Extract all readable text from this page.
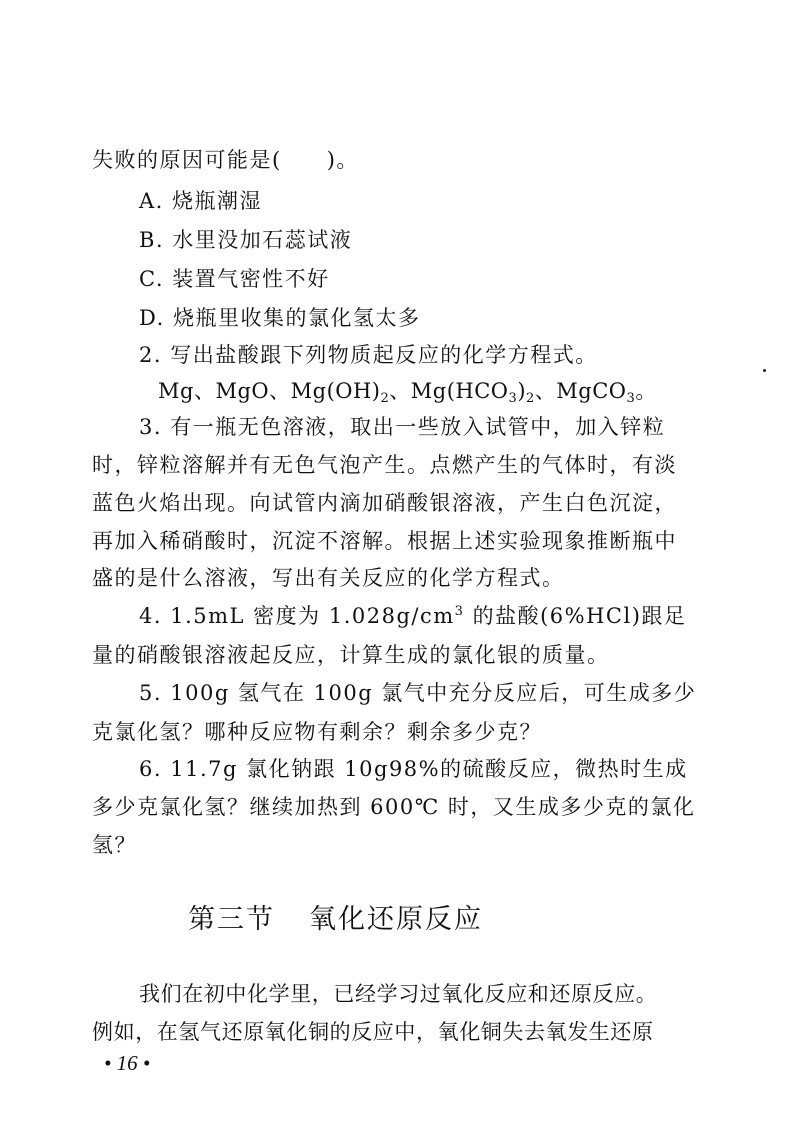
失败的原因可能是(　　)。
A. 烧瓶潮湿
B. 水里没加石蕊试液
C. 装置气密性不好
D. 烧瓶里收集的氯化氢太多
2. 写出盐酸跟下列物质起反应的化学方程式。
Mg、MgO、$Mg(OH)_2$、$Mg(HCO_3)_2$、MgCO$_3$。
3. 有一瓶无色溶液，取出一些放入试管中，加入锌粒
时，锌粒溶解并有无色气泡产生。点燃产生的气体时，有淡
蓝色火焰出现。向试管内滴加硝酸银溶液，产生白色沉淀，
再加入稀硝酸时，沉淀不溶解。根据上述实验现象推断瓶中
盛的是什么溶液，写出有关反应的化学方程式。
4. 1.5mL 密度为 $1.028g/cm^3$ 的盐酸(6%HCl)跟足
量的硝酸银溶液起反应，计算生成的氯化银的质量。
5. 100g 氢气在 100g 氯气中充分反应后，可生成多少
克氯化氢？哪种反应物有剩余？剩余多少克？
6. 11.7g 氯化钠跟 10g98%的硫酸反应，微热时生成
多少克氯化氢？继续加热到 600℃ 时，又生成多少克的氯化
氢？
第三节 氧化还原反应
我们在初中化学里，已经学习过氧化反应和还原反应。
例如，在氢气还原氧化铜的反应中，氧化铜失去氧发生还原
• 16 •
